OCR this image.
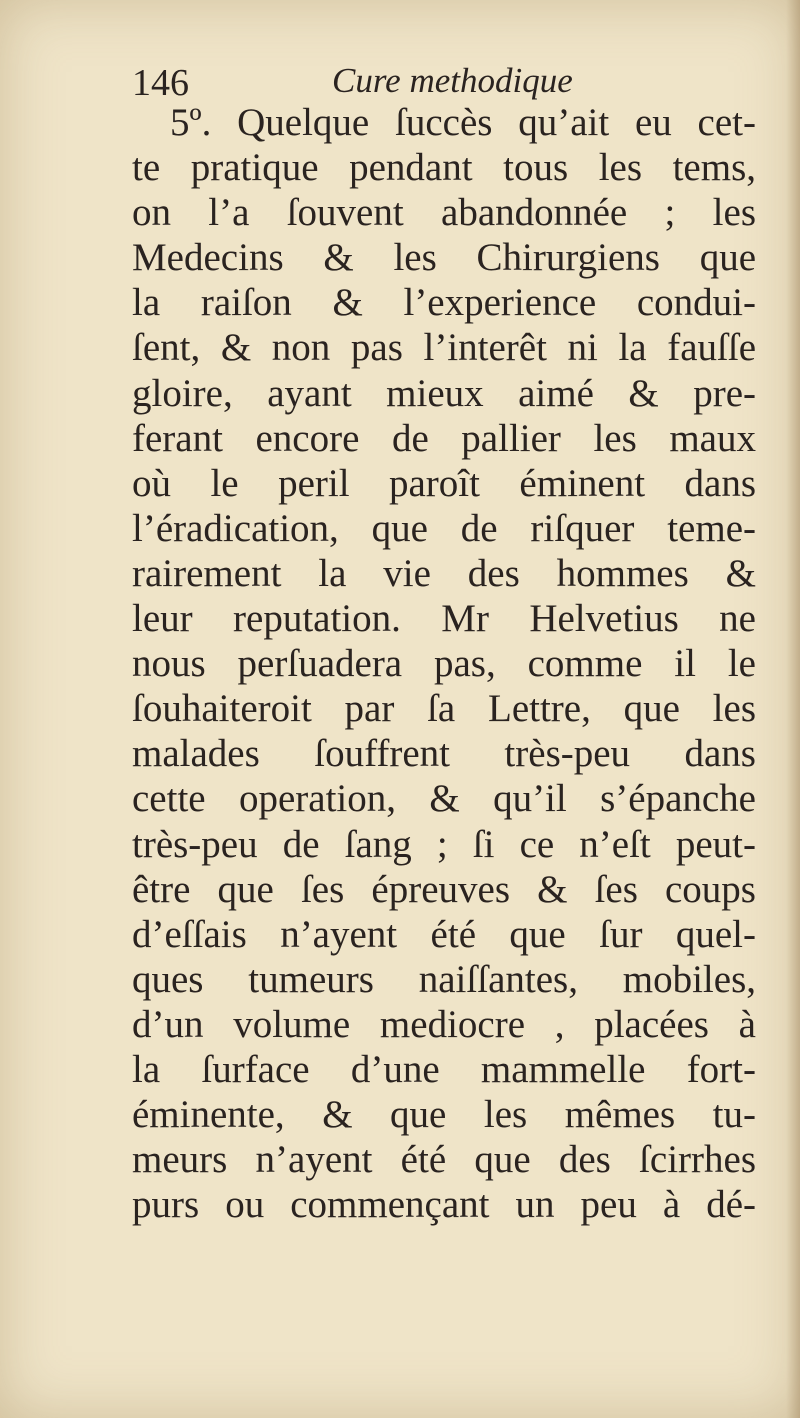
146	Cure methodique
5º. Quelque ſuccès qu’ait eu cet-
te pratique pendant tous les tems,
on l’a ſouvent abandonnée ; les
Medecins & les Chirurgiens que
la raiſon & l’experience condui-
ſent, & non pas l’interêt ni la fauſſe
gloire, ayant mieux aimé & pre-
ferant encore de pallier les maux
où le peril paroît éminent dans
l’éradication, que de riſquer teme-
rairement la vie des hommes &
leur reputation. Mr Helvetius ne
nous perſuadera pas, comme il le
ſouhaiteroit par ſa Lettre, que les
malades ſouffrent très-peu dans
cette operation, & qu’il s’épanche
très-peu de ſang ; ſi ce n’eſt peut-
être que ſes épreuves & ſes coups
d’eſſais n’ayent été que ſur quel-
ques tumeurs naiſſantes, mobiles,
d’un volume mediocre , placées à
la ſurface d’une mammelle fort-
éminente, & que les mêmes tu-
meurs n’ayent été que des ſcirrhes
purs ou commençant un peu à dé-
